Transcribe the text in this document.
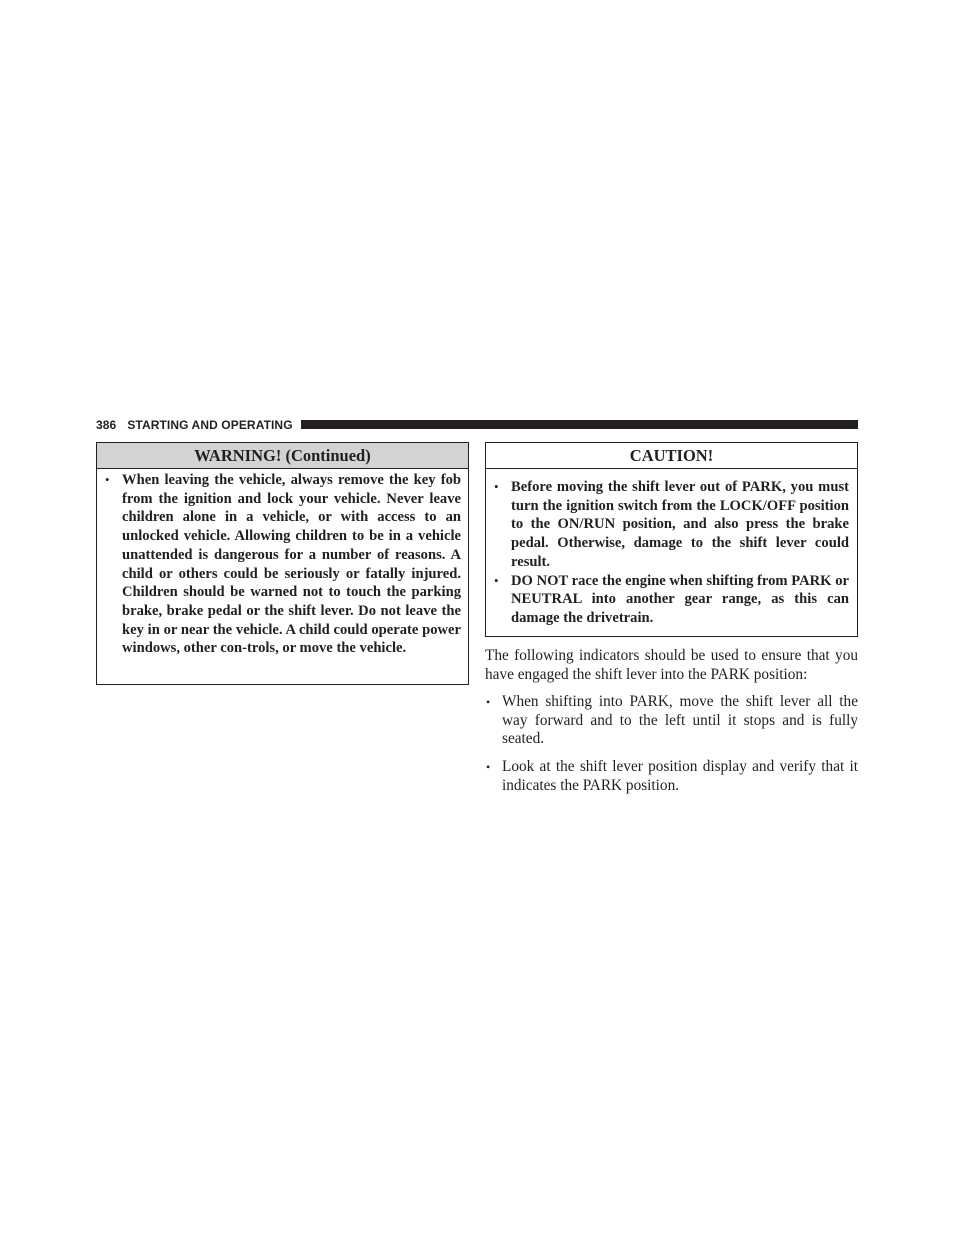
386 STARTING AND OPERATING
WARNING! (Continued)
• When leaving the vehicle, always remove the key fob from the ignition and lock your vehicle. Never leave children alone in a vehicle, or with access to an unlocked vehicle. Allowing children to be in a vehicle unattended is dangerous for a number of reasons. A child or others could be seriously or fatally injured. Children should be warned not to touch the parking brake, brake pedal or the shift lever. Do not leave the key in or near the vehicle. A child could operate power windows, other con-trols, or move the vehicle.
CAUTION!
• Before moving the shift lever out of PARK, you must turn the ignition switch from the LOCK/OFF position to the ON/RUN position, and also press the brake pedal. Otherwise, damage to the shift lever could result.
• DO NOT race the engine when shifting from PARK or NEUTRAL into another gear range, as this can damage the drivetrain.

The following indicators should be used to ensure that you have engaged the shift lever into the PARK position:

• When shifting into PARK, move the shift lever all the way forward and to the left until it stops and is fully seated.
• Look at the shift lever position display and verify that it indicates the PARK position.
